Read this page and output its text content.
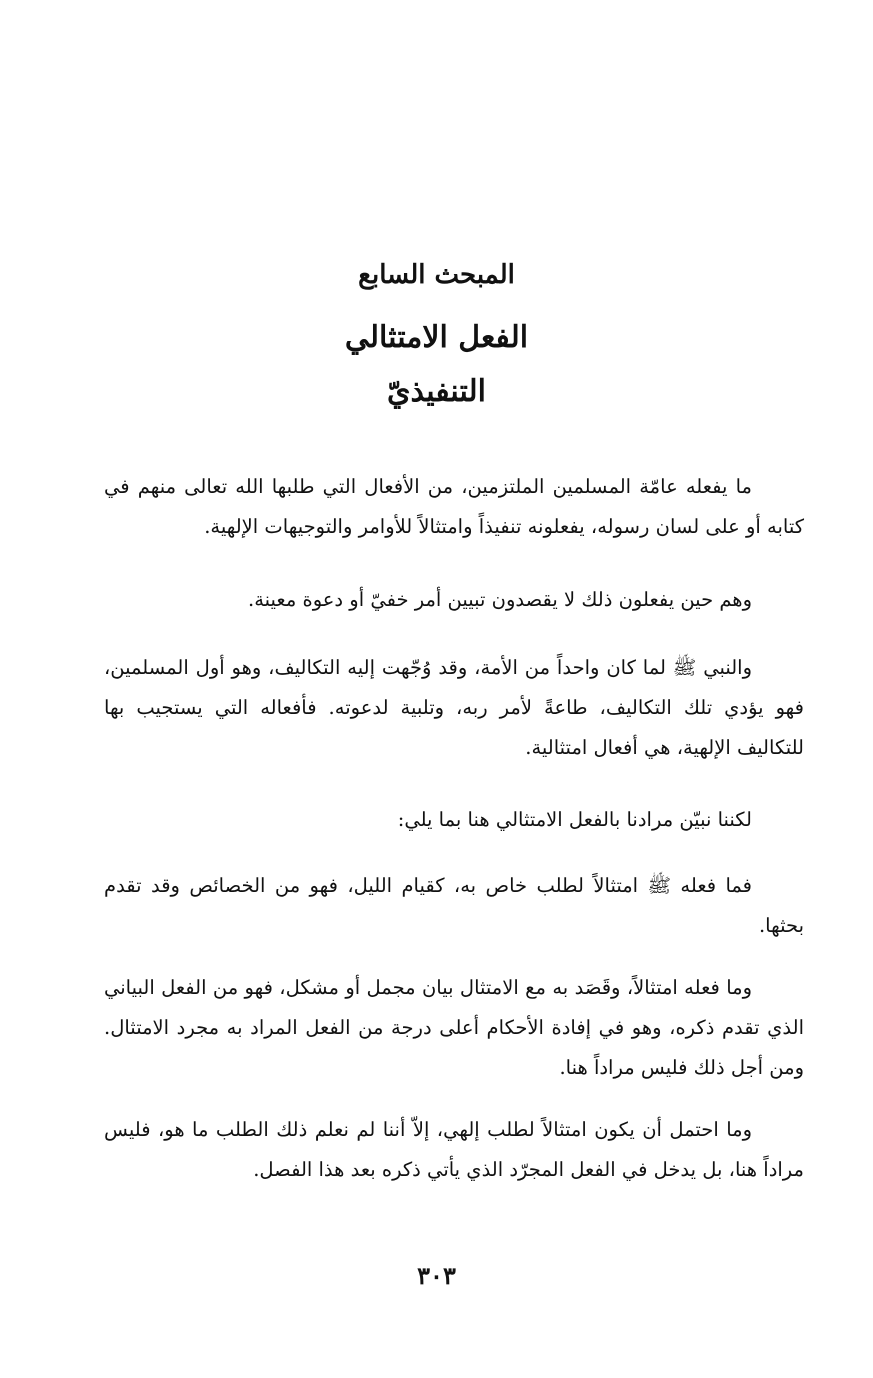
المبحث السابع
الفعل الامتثالي
التنفيذيّ

ما يفعله عامّة المسلمين الملتزمين، من الأفعال التي طلبها الله تعالى منهم في كتابه أو على لسان رسوله، يفعلونه تنفيذاً وامتثالاً للأوامر والتوجيهات الإلهية.

وهم حين يفعلون ذلك لا يقصدون تبيين أمر خفيّ أو دعوة معينة.

والنبي ﷺ لما كان واحداً من الأمة، وقد وُجّهت إليه التكاليف، وهو أول المسلمين، فهو يؤدي تلك التكاليف، طاعةً لأمر ربه، وتلبية لدعوته. فأفعاله التي يستجيب بها للتكاليف الإلهية، هي أفعال امتثالية.

لكننا نبيّن مرادنا بالفعل الامتثالي هنا بما يلي:

فما فعله ﷺ امتثالاً لطلب خاص به، كقيام الليل، فهو من الخصائص وقد تقدم بحثها.

وما فعله امتثالاً، وقَصَد به مع الامتثال بيان مجمل أو مشكل، فهو من الفعل البياني الذي تقدم ذكره، وهو في إفادة الأحكام أعلى درجة من الفعل المراد به مجرد الامتثال. ومن أجل ذلك فليس مراداً هنا.

وما احتمل أن يكون امتثالاً لطلب إلهي، إلاّ أننا لم نعلم ذلك الطلب ما هو، فليس مراداً هنا، بل يدخل في الفعل المجرّد الذي يأتي ذكره بعد هذا الفصل.

٣٠٣
